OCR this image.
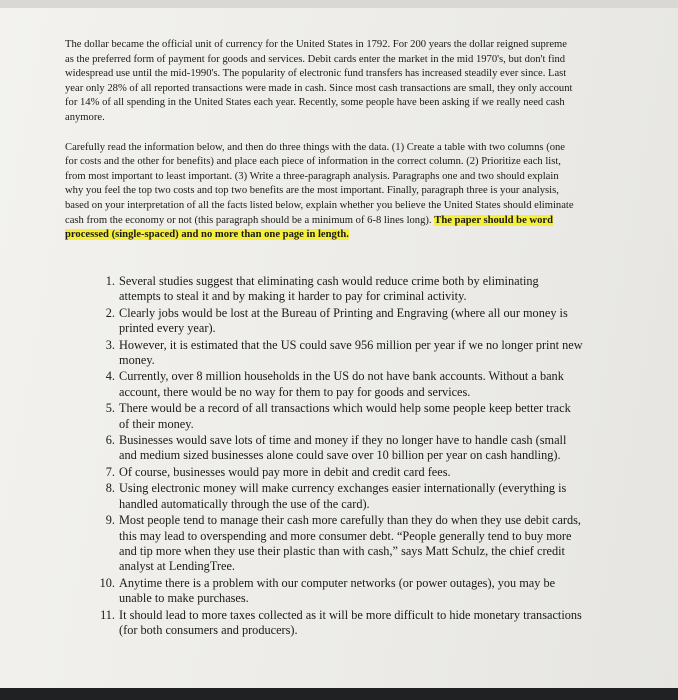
The dollar became the official unit of currency for the United States in 1792. For 200 years the dollar reigned supreme as the preferred form of payment for goods and services. Debit cards enter the market in the mid 1970's, but don't find widespread use until the mid-1990's. The popularity of electronic fund transfers has increased steadily ever since. Last year only 28% of all reported transactions were made in cash. Since most cash transactions are small, they only account for 14% of all spending in the United States each year. Recently, some people have been asking if we really need cash anymore.

Carefully read the information below, and then do three things with the data. (1) Create a table with two columns (one for costs and the other for benefits) and place each piece of information in the correct column. (2) Prioritize each list, from most important to least important. (3) Write a three-paragraph analysis. Paragraphs one and two should explain why you feel the top two costs and top two benefits are the most important. Finally, paragraph three is your analysis, based on your interpretation of all the facts listed below, explain whether you believe the United States should eliminate cash from the economy or not (this paragraph should be a minimum of 6-8 lines long). The paper should be word processed (single-spaced) and no more than one page in length.

1. Several studies suggest that eliminating cash would reduce crime both by eliminating attempts to steal it and by making it harder to pay for criminal activity.
2. Clearly jobs would be lost at the Bureau of Printing and Engraving (where all our money is printed every year).
3. However, it is estimated that the US could save 956 million per year if we no longer print new money.
4. Currently, over 8 million households in the US do not have bank accounts. Without a bank account, there would be no way for them to pay for goods and services.
5. There would be a record of all transactions which would help some people keep better track of their money.
6. Businesses would save lots of time and money if they no longer have to handle cash (small and medium sized businesses alone could save over 10 billion per year on cash handling).
7. Of course, businesses would pay more in debit and credit card fees.
8. Using electronic money will make currency exchanges easier internationally (everything is handled automatically through the use of the card).
9. Most people tend to manage their cash more carefully than they do when they use debit cards, this may lead to overspending and more consumer debt. “People generally tend to buy more and tip more when they use their plastic than with cash,” says Matt Schulz, the chief credit analyst at LendingTree.
10. Anytime there is a problem with our computer networks (or power outages), you may be unable to make purchases.
11. It should lead to more taxes collected as it will be more difficult to hide monetary transactions (for both consumers and producers).
